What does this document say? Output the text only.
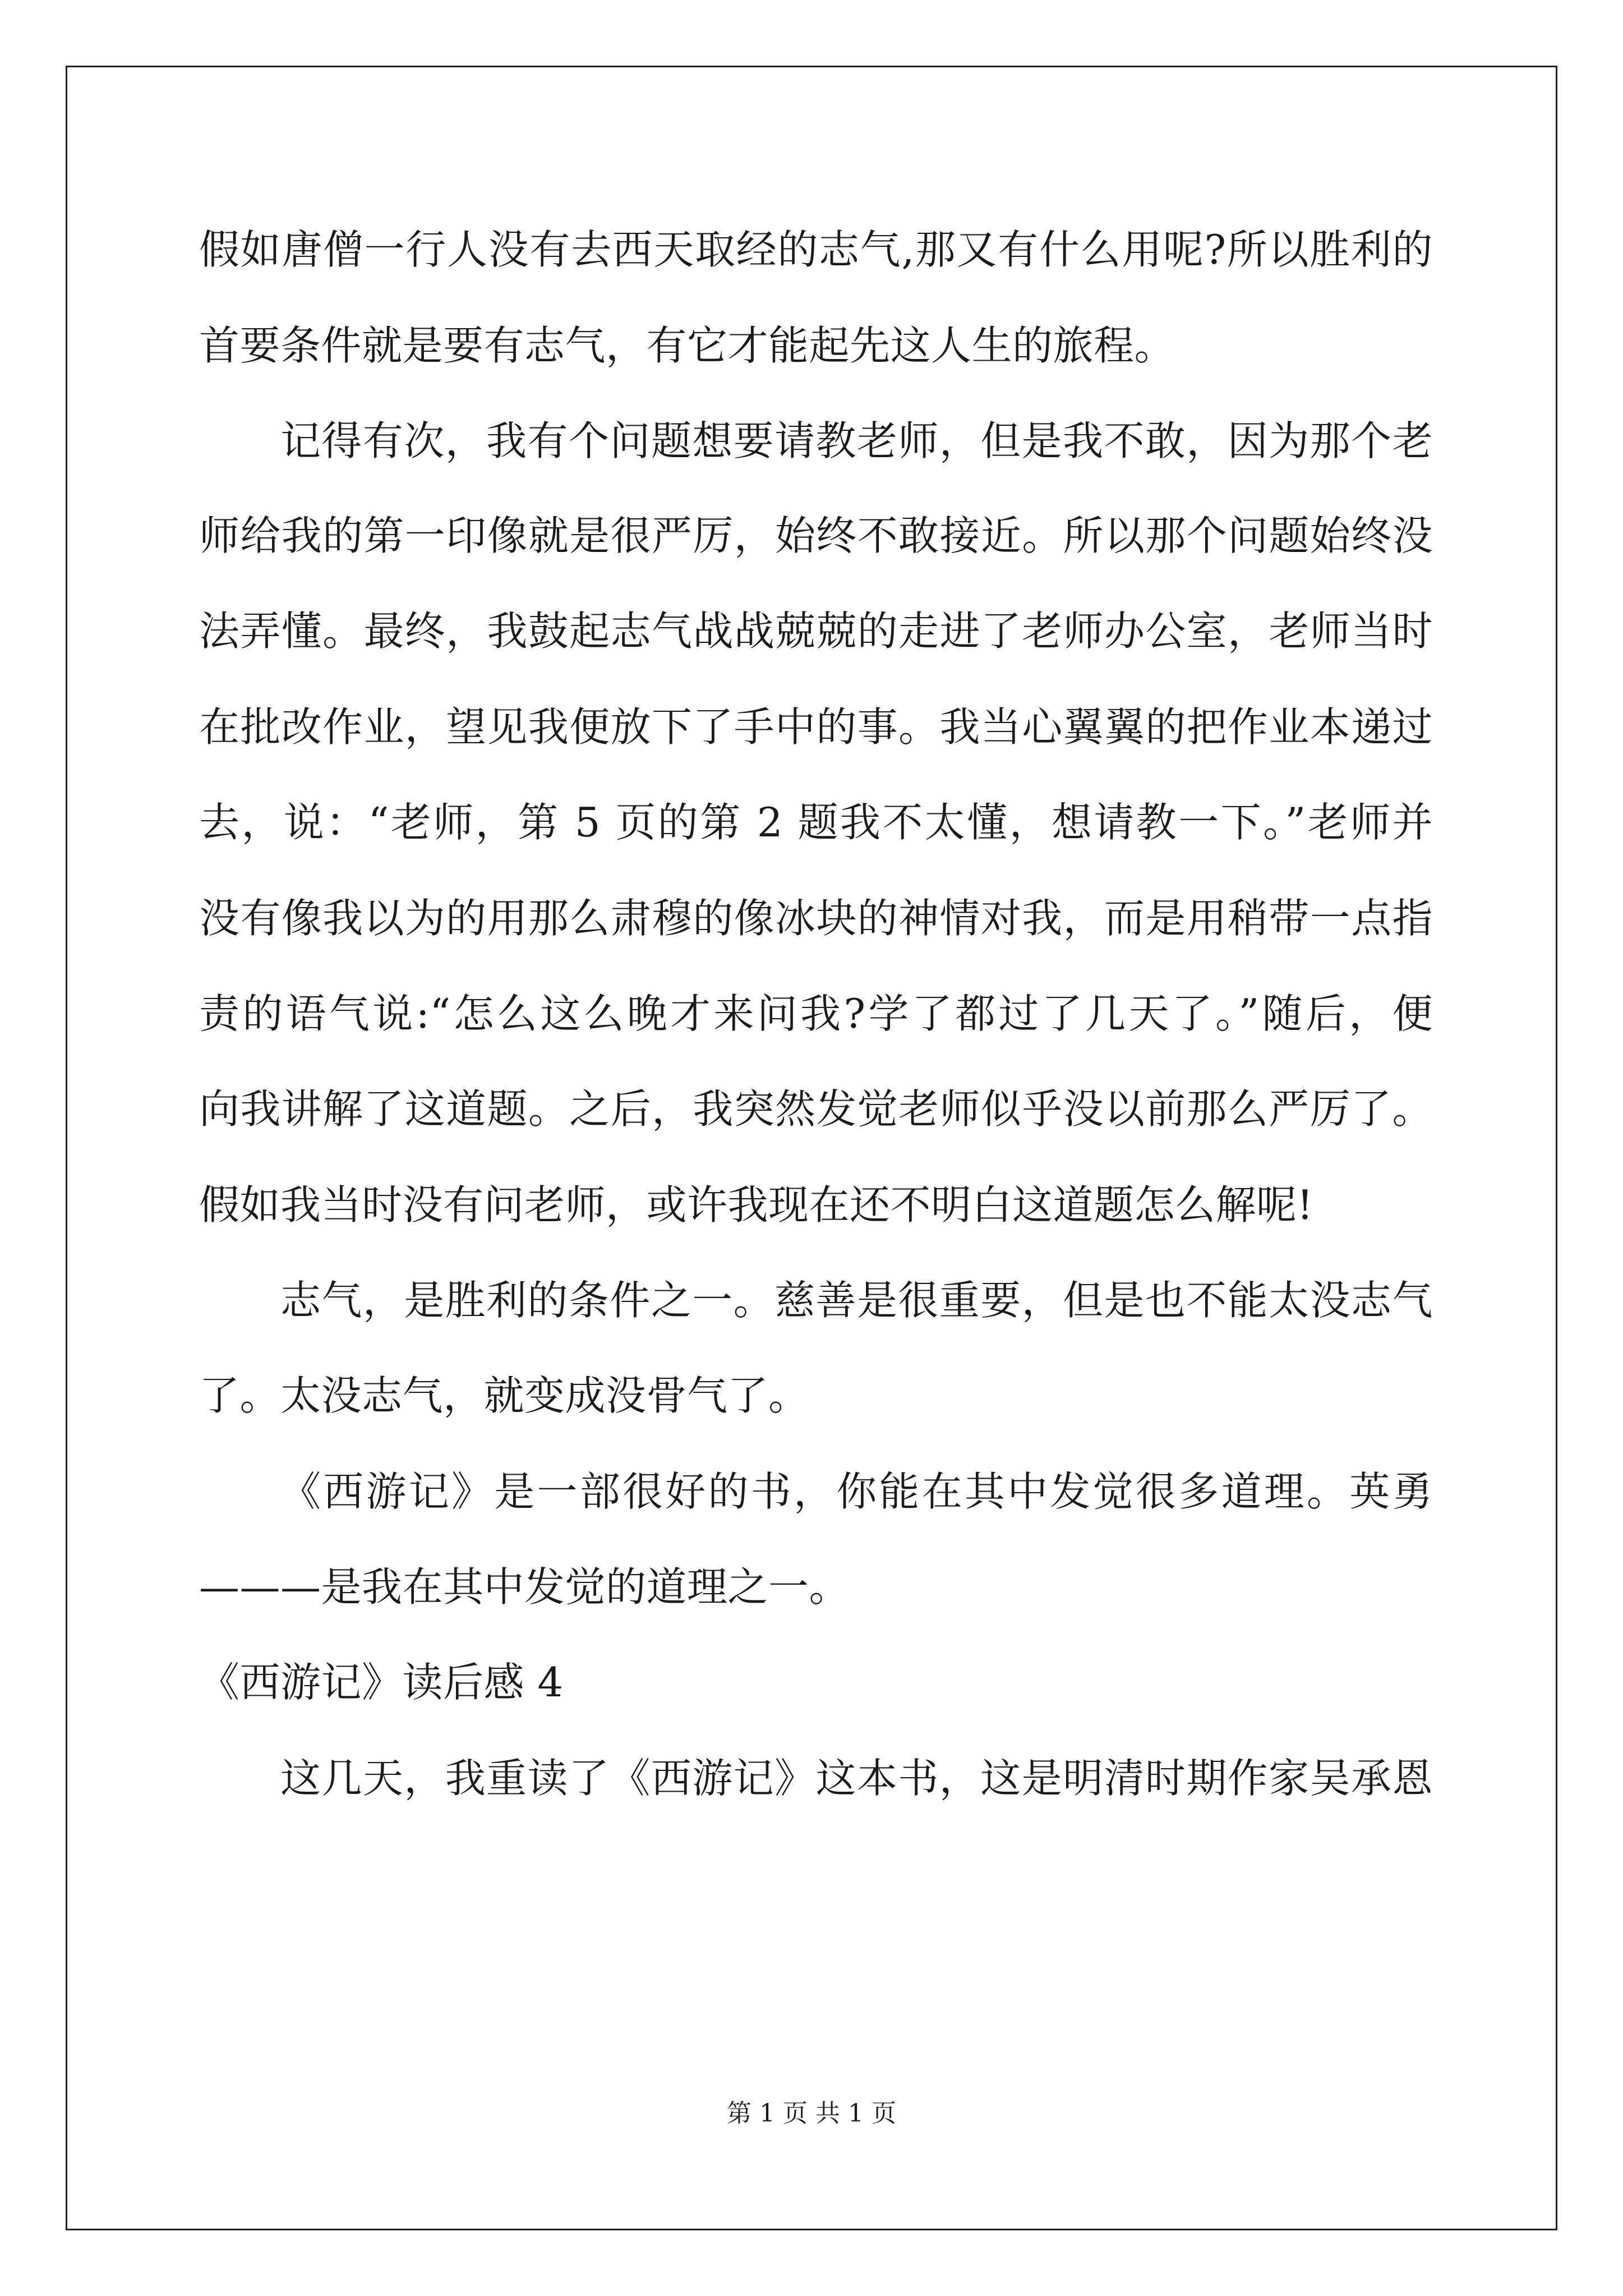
假如唐僧一行人没有去西天取经的志气,那又有什么用呢?所以胜利的
首要条件就是要有志气，有它才能起先这人生的旅程。
记得有次，我有个问题想要请教老师，但是我不敢，因为那个老
师给我的第一印像就是很严厉，始终不敢接近。所以那个问题始终没
法弄懂。最终，我鼓起志气战战兢兢的走进了老师办公室，老师当时
在批改作业，望见我便放下了手中的事。我当心翼翼的把作业本递过
去，说：“老师，第 5 页的第 2 题我不太懂，想请教一下。”老师并
没有像我以为的用那么肃穆的像冰块的神情对我，而是用稍带一点指
责的语气说:“怎么这么晚才来问我?学了都过了几天了。”随后，便
向我讲解了这道题。之后，我突然发觉老师似乎没以前那么严厉了。
假如我当时没有问老师，或许我现在还不明白这道题怎么解呢!
志气，是胜利的条件之一。慈善是很重要，但是也不能太没志气
了。太没志气，就变成没骨气了。
《西游记》是一部很好的书，你能在其中发觉很多道理。英勇
———是我在其中发觉的道理之一。
《西游记》读后感 4
这几天，我重读了《西游记》这本书，这是明清时期作家吴承恩
第 1 页 共 1 页
